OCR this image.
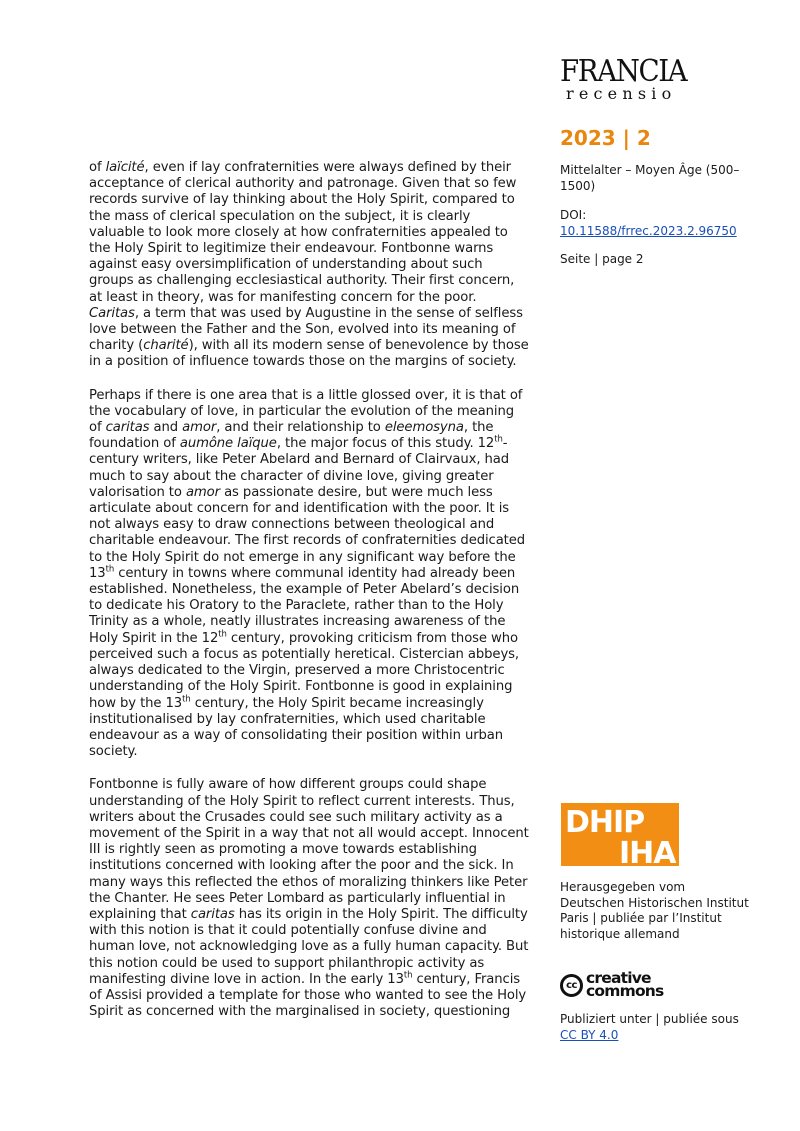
FRANCIA
recensio
2023 | 2
Mittelalter – Moyen Âge (500–1500)
DOI:
10.11588/frrec.2023.2.96750
Seite | page 2

of laïcité, even if lay confraternities were always defined by their acceptance of clerical authority and patronage. Given that so few records survive of lay thinking about the Holy Spirit, compared to the mass of clerical speculation on the subject, it is clearly valuable to look more closely at how confraternities appealed to the Holy Spirit to legitimize their endeavour. Fontbonne warns against easy oversimplification of understanding about such groups as challenging ecclesiastical authority. Their first concern, at least in theory, was for manifesting concern for the poor. Caritas, a term that was used by Augustine in the sense of selfless love between the Father and the Son, evolved into its meaning of charity (charité), with all its modern sense of benevolence by those in a position of influence towards those on the margins of society.

Perhaps if there is one area that is a little glossed over, it is that of the vocabulary of love, in particular the evolution of the meaning of caritas and amor, and their relationship to eleemosyna, the foundation of aumône laïque, the major focus of this study. 12th-century writers, like Peter Abelard and Bernard of Clairvaux, had much to say about the character of divine love, giving greater valorisation to amor as passionate desire, but were much less articulate about concern for and identification with the poor. It is not always easy to draw connections between theological and charitable endeavour. The first records of confraternities dedicated to the Holy Spirit do not emerge in any significant way before the 13th century in towns where communal identity had already been established. Nonetheless, the example of Peter Abelard’s decision to dedicate his Oratory to the Paraclete, rather than to the Holy Trinity as a whole, neatly illustrates increasing awareness of the Holy Spirit in the 12th century, provoking criticism from those who perceived such a focus as potentially heretical. Cistercian abbeys, always dedicated to the Virgin, preserved a more Christocentric understanding of the Holy Spirit. Fontbonne is good in explaining how by the 13th century, the Holy Spirit became increasingly institutionalised by lay confraternities, which used charitable endeavour as a way of consolidating their position within urban society.

Fontbonne is fully aware of how different groups could shape understanding of the Holy Spirit to reflect current interests. Thus, writers about the Crusades could see such military activity as a movement of the Spirit in a way that not all would accept. Innocent III is rightly seen as promoting a move towards establishing institutions concerned with looking after the poor and the sick. In many ways this reflected the ethos of moralizing thinkers like Peter the Chanter. He sees Peter Lombard as particularly influential in explaining that caritas has its origin in the Holy Spirit. The difficulty with this notion is that it could potentially confuse divine and human love, not acknowledging love as a fully human capacity. But this notion could be used to support philanthropic activity as manifesting divine love in action. In the early 13th century, Francis of Assisi provided a template for those who wanted to see the Holy Spirit as concerned with the marginalised in society, questioning

DHIP
IHA
Herausgegeben vom Deutschen Historischen Institut Paris | publiée par l’Institut historique allemand
cc creative
commons
Publiziert unter | publiée sous
CC BY 4.0
